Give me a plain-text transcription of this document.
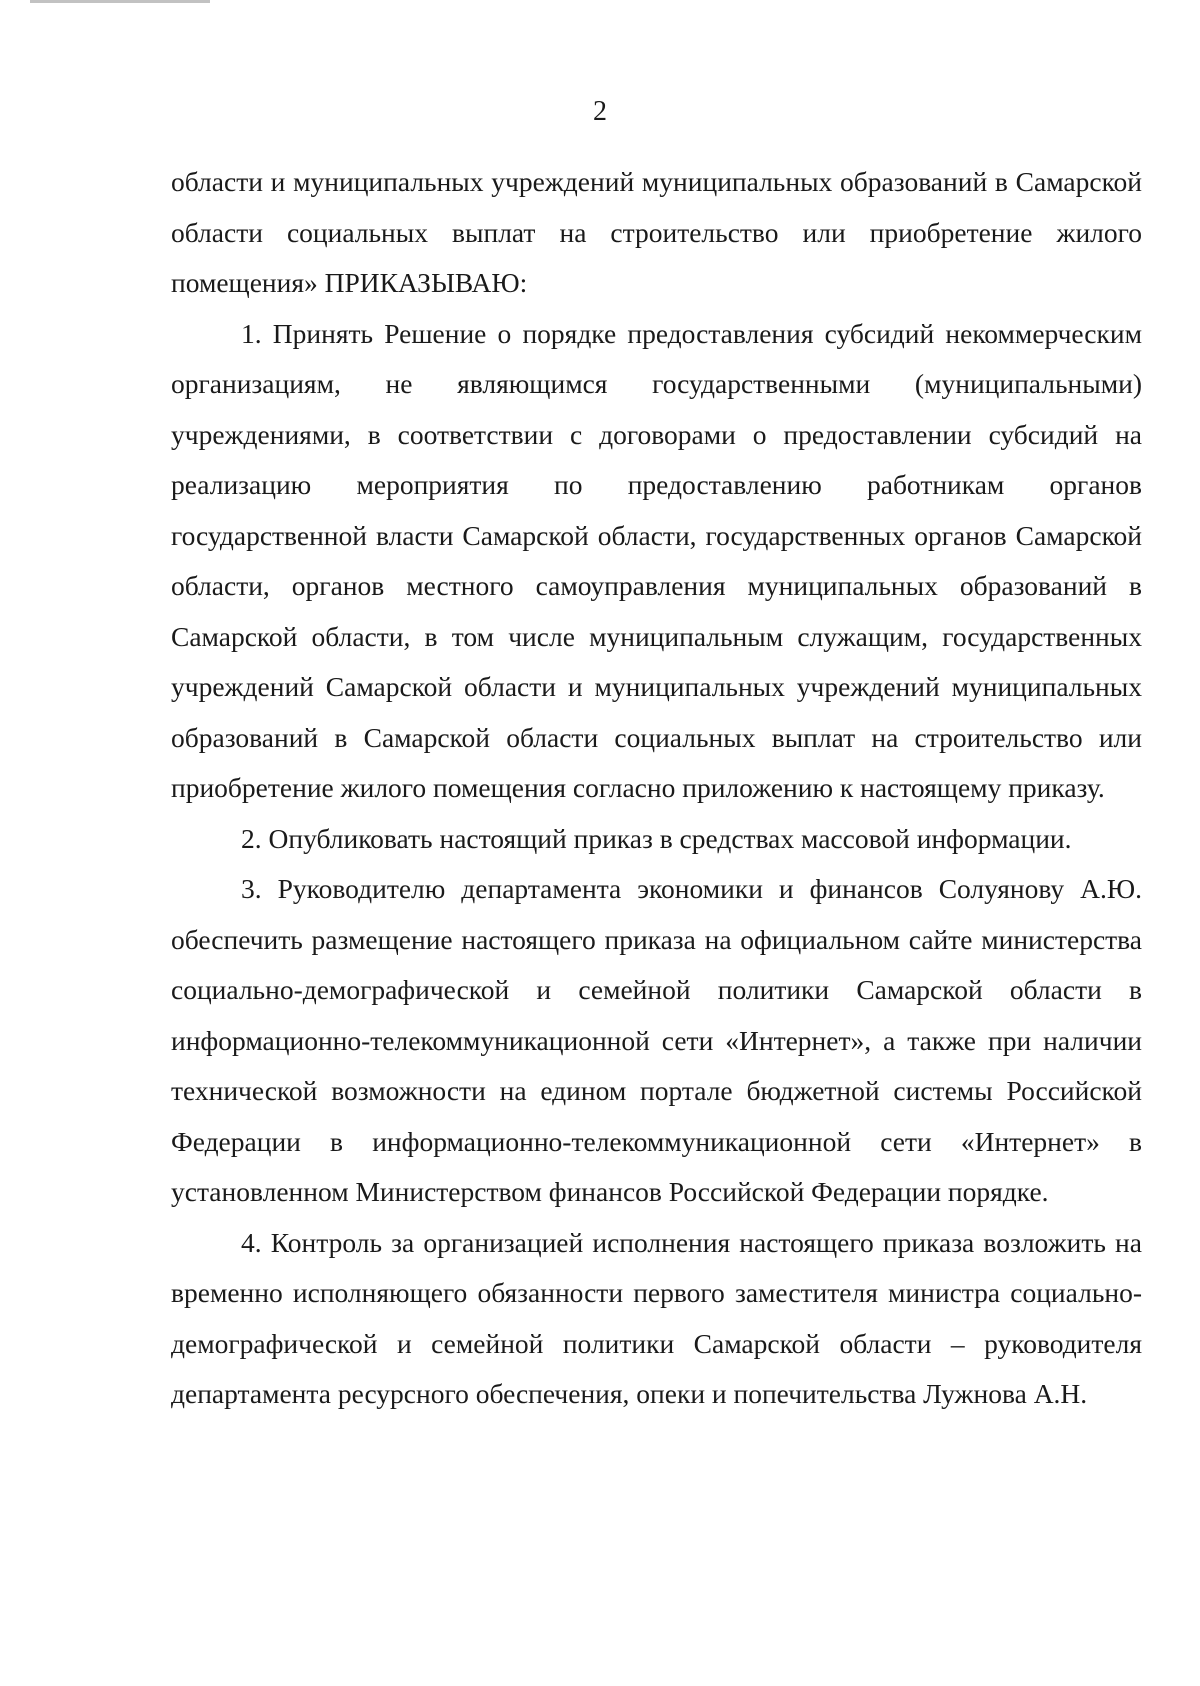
2

области и муниципальных учреждений муниципальных образований в Самарской области социальных выплат на строительство или приобретение жилого помещения» ПРИКАЗЫВАЮ:

1. Принять Решение о порядке предоставления субсидий некоммерческим организациям, не являющимся государственными (муниципальными) учреждениями, в соответствии с договорами о предоставлении субсидий на реализацию мероприятия по предоставлению работникам органов государственной власти Самарской области, государственных органов Самарской области, органов местного самоуправления муниципальных образований в Самарской области, в том числе муниципальным служащим, государственных учреждений Самарской области и муниципальных учреждений муниципальных образований в Самарской области социальных выплат на строительство или приобретение жилого помещения согласно приложению к настоящему приказу.

2. Опубликовать настоящий приказ в средствах массовой информации.

3. Руководителю департамента экономики и финансов Солуянову А.Ю. обеспечить размещение настоящего приказа на официальном сайте министерства социально-демографической и семейной политики Самарской области в информационно-телекоммуникационной сети «Интернет», а также при наличии технической возможности на едином портале бюджетной системы Российской Федерации в информационно-телекоммуникационной сети «Интернет» в установленном Министерством финансов Российской Федерации порядке.

4. Контроль за организацией исполнения настоящего приказа возложить на временно исполняющего обязанности первого заместителя министра социально-демографической и семейной политики Самарской области – руководителя департамента ресурсного обеспечения, опеки и попечительства Лужнова А.Н.
